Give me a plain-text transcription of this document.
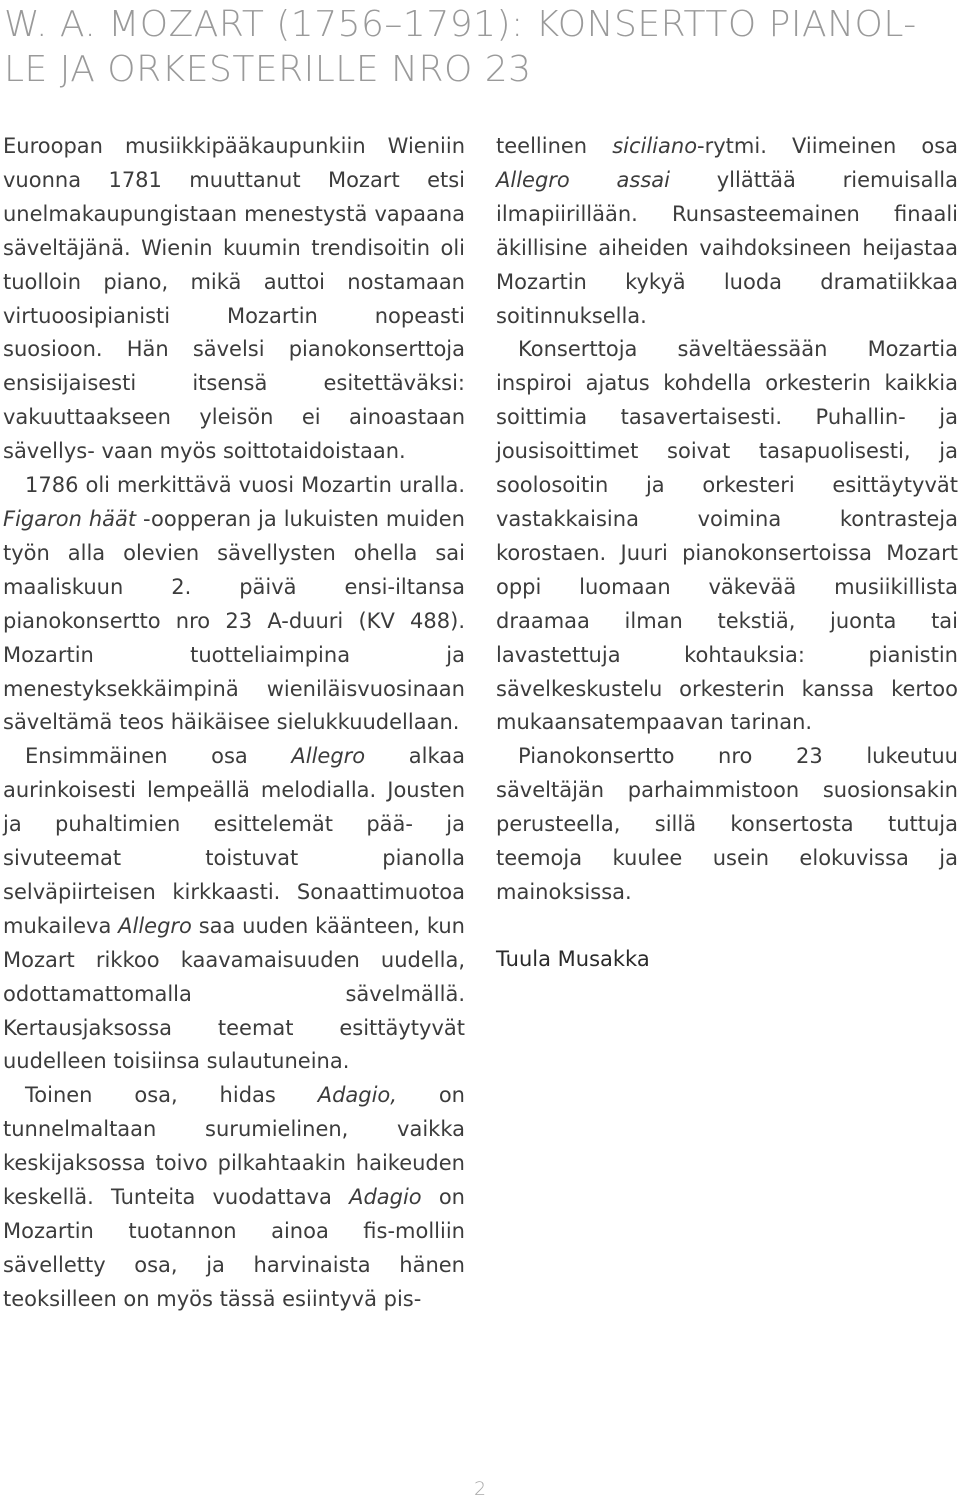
W. A. MOZART (1756–1791): KONSERTTO PIANOL-
LE JA ORKESTERILLE NRO 23

Euroopan musiikkipääkaupunkiin Wieniin vuonna 1781 muuttanut Mozart etsi unelmakaupungistaan menestystä vapaana säveltäjänä. Wienin kuumin trendisoitin oli tuolloin piano, mikä auttoi nostamaan virtuoosipianisti Mozartin nopeasti suosioon. Hän sävelsi pianokonserttoja ensisijaisesti itsensä esitettäväksi: vakuuttaakseen yleisön ei ainoastaan sävellys- vaan myös soittotaidoistaan.

1786 oli merkittävä vuosi Mozartin uralla. Figaron häät -oopperan ja lukuisten muiden työn alla olevien sävellysten ohella sai maaliskuun 2. päivä ensi-iltansa pianokonsertto nro 23 A-duuri (KV 488). Mozartin tuotteliaimpina ja menestyksekkäimpinä wieniläisvuosinaan säveltämä teos häikäisee sielukkuudellaan.

Ensimmäinen osa Allegro alkaa aurinkoisesti lempeällä melodialla. Jousten ja puhaltimien esittelemät pää- ja sivuteemat toistuvat pianolla selväpiirteisen kirkkaasti. Sonaattimuotoa mukaileva Allegro saa uuden käänteen, kun Mozart rikkoo kaavamaisuuden uudella, odottamattomalla sävelmällä. Kertausjaksossa teemat esittäytyvät uudelleen toisiinsa sulautuneina.

Toinen osa, hidas Adagio, on tunnelmaltaan surumielinen, vaikka keskijaksossa toivo pilkahtaakin haikeuden keskellä. Tunteita vuodattava Adagio on Mozartin tuotannon ainoa fis-molliin sävelletty osa, ja harvinaista hänen teoksilleen on myös tässä esiintyvä pis-

teellinen siciliano-rytmi. Viimeinen osa Allegro assai yllättää riemuisalla ilmapiirillään. Runsasteemainen finaali äkillisine aiheiden vaihdoksineen heijastaa Mozartin kykyä luoda dramatiikkaa soitinnuksella.

Konserttoja säveltäessään Mozartia inspiroi ajatus kohdella orkesterin kaikkia soittimia tasavertaisesti. Puhallin- ja jousisoittimet soivat tasapuolisesti, ja soolosoitin ja orkesteri esittäytyvät vastakkaisina voimina kontrasteja korostaen. Juuri pianokonsertoissa Mozart oppi luomaan väkevää musiikillista draamaa ilman tekstiä, juonta tai lavastettuja kohtauksia: pianistin sävelkeskustelu orkesterin kanssa kertoo mukaansatempaavan tarinan.

Pianokonsertto nro 23 lukeutuu säveltäjän parhaimmistoon suosionsakin perusteella, sillä konsertosta tuttuja teemoja kuulee usein elokuvissa ja mainoksissa.

Tuula Musakka

2
